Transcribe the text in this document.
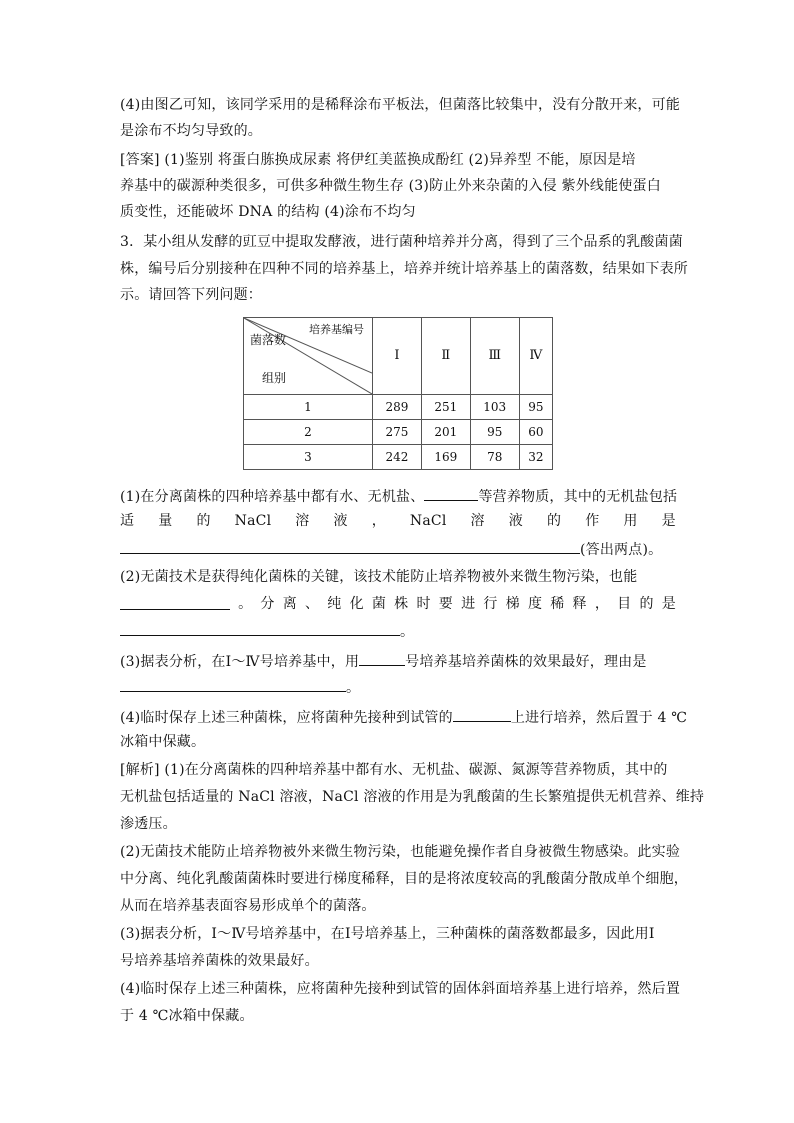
(4)由图乙可知，该同学采用的是稀释涂布平板法，但菌落比较集中，没有分散开来，可能
是涂布不均匀导致的。
[答案] (1)鉴别 将蛋白胨换成尿素 将伊红美蓝换成酚红 (2)异养型 不能，原因是培
养基中的碳源种类很多，可供多种微生物生存 (3)防止外来杂菌的入侵 紫外线能使蛋白
质变性，还能破坏 DNA 的结构 (4)涂布不均匀
3．某小组从发酵的豇豆中提取发酵液，进行菌种培养并分离，得到了三个品系的乳酸菌菌
株，编号后分别接种在四种不同的培养基上，培养并统计培养基上的菌落数，结果如下表所
示。请回答下列问题：
培养基编号
菌落数
组别	Ⅰ	Ⅱ	Ⅲ	Ⅳ
1	289	251	103	95
2	275	201	95	60
3	242	169	78	32
(1)在分离菌株的四种培养基中都有水、无机盐、	等营养物质，其中的无机盐包括
适 量 的 NaCl 溶 液 ， NaCl 溶 液 的 作 用 是
(答出两点)。
(2)无菌技术是获得纯化菌株的关键，该技术能防止培养物被外来微生物污染，也能
。 分 离 、 纯 化 菌 株 时 要 进 行 梯 度 稀 释 ， 目 的 是
。
(3)据表分析，在Ⅰ～Ⅳ号培养基中，用	号培养基培养菌株的效果最好，理由是
。
(4)临时保存上述三种菌株，应将菌种先接种到试管的	上进行培养，然后置于 4 ℃
冰箱中保藏。
[解析] (1)在分离菌株的四种培养基中都有水、无机盐、碳源、氮源等营养物质，其中的
无机盐包括适量的 NaCl 溶液，NaCl 溶液的作用是为乳酸菌的生长繁殖提供无机营养、维持
渗透压。
(2)无菌技术能防止培养物被外来微生物污染，也能避免操作者自身被微生物感染。此实验
中分离、纯化乳酸菌菌株时要进行梯度稀释，目的是将浓度较高的乳酸菌分散成单个细胞，
从而在培养基表面容易形成单个的菌落。
(3)据表分析，Ⅰ～Ⅳ号培养基中，在Ⅰ号培养基上，三种菌株的菌落数都最多，因此用Ⅰ
号培养基培养菌株的效果最好。
(4)临时保存上述三种菌株，应将菌种先接种到试管的固体斜面培养基上进行培养，然后置
于 4 ℃冰箱中保藏。
